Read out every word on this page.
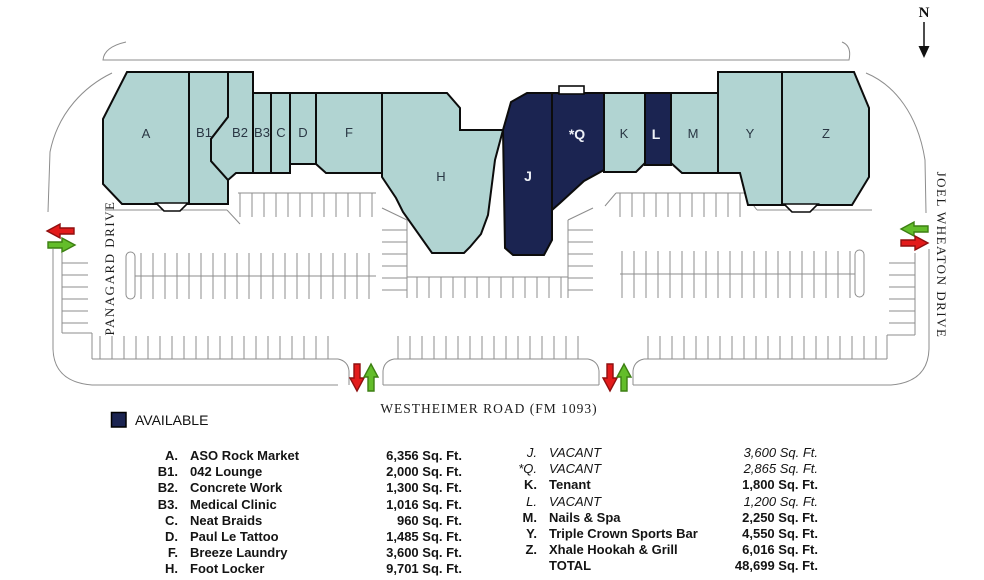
A	B1 B2 B3 C D	F
H	J
*Q	K L M	Y	Z
PANAGARD DRIVE	JOEL WHEATON DRIVE
WESTHEIMER ROAD (FM 1093)
N
AVAILABLE
A. ASO Rock Market	6,356 Sq. Ft.
B1. 042 Lounge	2,000 Sq. Ft.
B2. Concrete Work	1,300 Sq. Ft.
B3. Medical Clinic	1,016 Sq. Ft.
C. Neat Braids	960 Sq. Ft.
D. Paul Le Tattoo	1,485 Sq. Ft.
F. Breeze Laundry	3,600 Sq. Ft.
H. Foot Locker	9,701 Sq. Ft.
J. VACANT	3,600 Sq. Ft.
*Q. VACANT	2,865 Sq. Ft.
K. Tenant	1,800 Sq. Ft.
L. VACANT	1,200 Sq. Ft.
M. Nails & Spa	2,250 Sq. Ft.
Y. Triple Crown Sports Bar	4,550 Sq. Ft.
Z. Xhale Hookah & Grill	6,016 Sq. Ft.
TOTAL	48,699 Sq. Ft.
